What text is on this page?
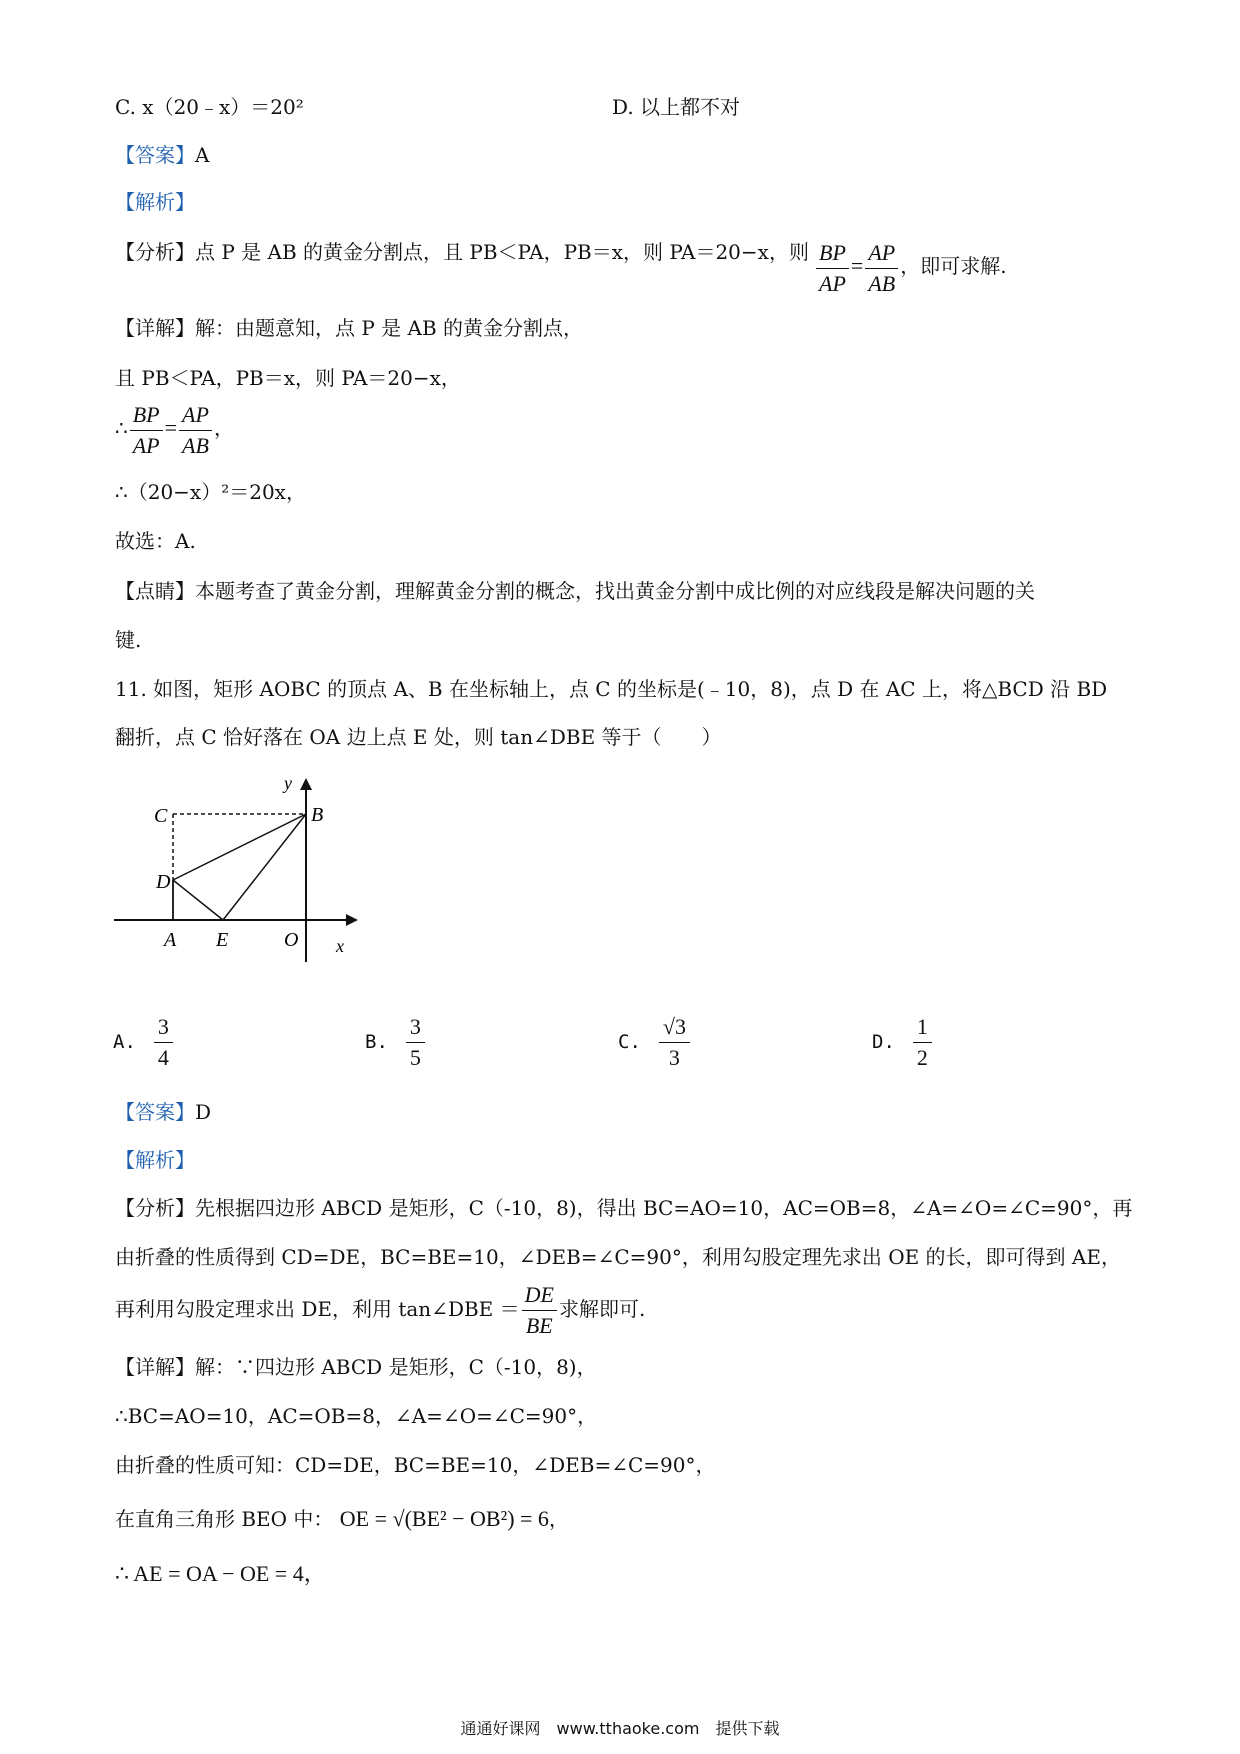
C. x（20﹣x）＝20²	D. 以上都不对
【答案】A
【解析】
【分析】点 P 是 AB 的黄金分割点，且 PB＜PA，PB＝x，则 PA＝20−x，则 $\frac{BP}{AP} = \frac{AP}{AB}$ ，即可求解.
【详解】解：由题意知，点 P 是 AB 的黄金分割点，
且 PB＜PA，PB＝x，则 PA＝20−x，
∴ $\frac{BP}{AP} = \frac{AP}{AB}$ ，
∴（20−x）²＝20x，
故选：A.
【点睛】本题考查了黄金分割，理解黄金分割的概念，找出黄金分割中成比例的对应线段是解决问题的关
键.
11. 如图，矩形 AOBC 的顶点 A、B 在坐标轴上，点 C 的坐标是(﹣10，8)，点 D 在 AC 上，将△BCD 沿 BD
翻折，点 C 恰好落在 OA 边上点 E 处，则 tan∠DBE 等于（　　）
C	B
D
A E	O x
y
A. $\frac{3}{4}$	B. $\frac{3}{5}$	C. $\frac{√3}{3}$	D. $\frac{1}{2}$
【答案】D
【解析】
【分析】先根据四边形 ABCD 是矩形，C（-10，8)，得出 BC=AO=10，AC=OB=8，∠A=∠O=∠C=90°，再
由折叠的性质得到 CD=DE，BC=BE=10，∠DEB=∠C=90°，利用勾股定理先求出 OE 的长，即可得到 AE，
再利用勾股定理求出 DE，利用 tan∠DBE ＝ $\frac{DE}{BE}$ 求解即可.
【详解】解：∵四边形 ABCD 是矩形，C（-10，8)，
∴BC=AO=10，AC=OB=8，∠A=∠O=∠C=90°，
由折叠的性质可知：CD=DE，BC=BE=10，∠DEB=∠C=90°，
在直角三角形 BEO 中： OE = √(BE² − OB²) = 6，
∴ AE = OA − OE = 4，
通通好课网　www.tthaoke.com　提供下载
